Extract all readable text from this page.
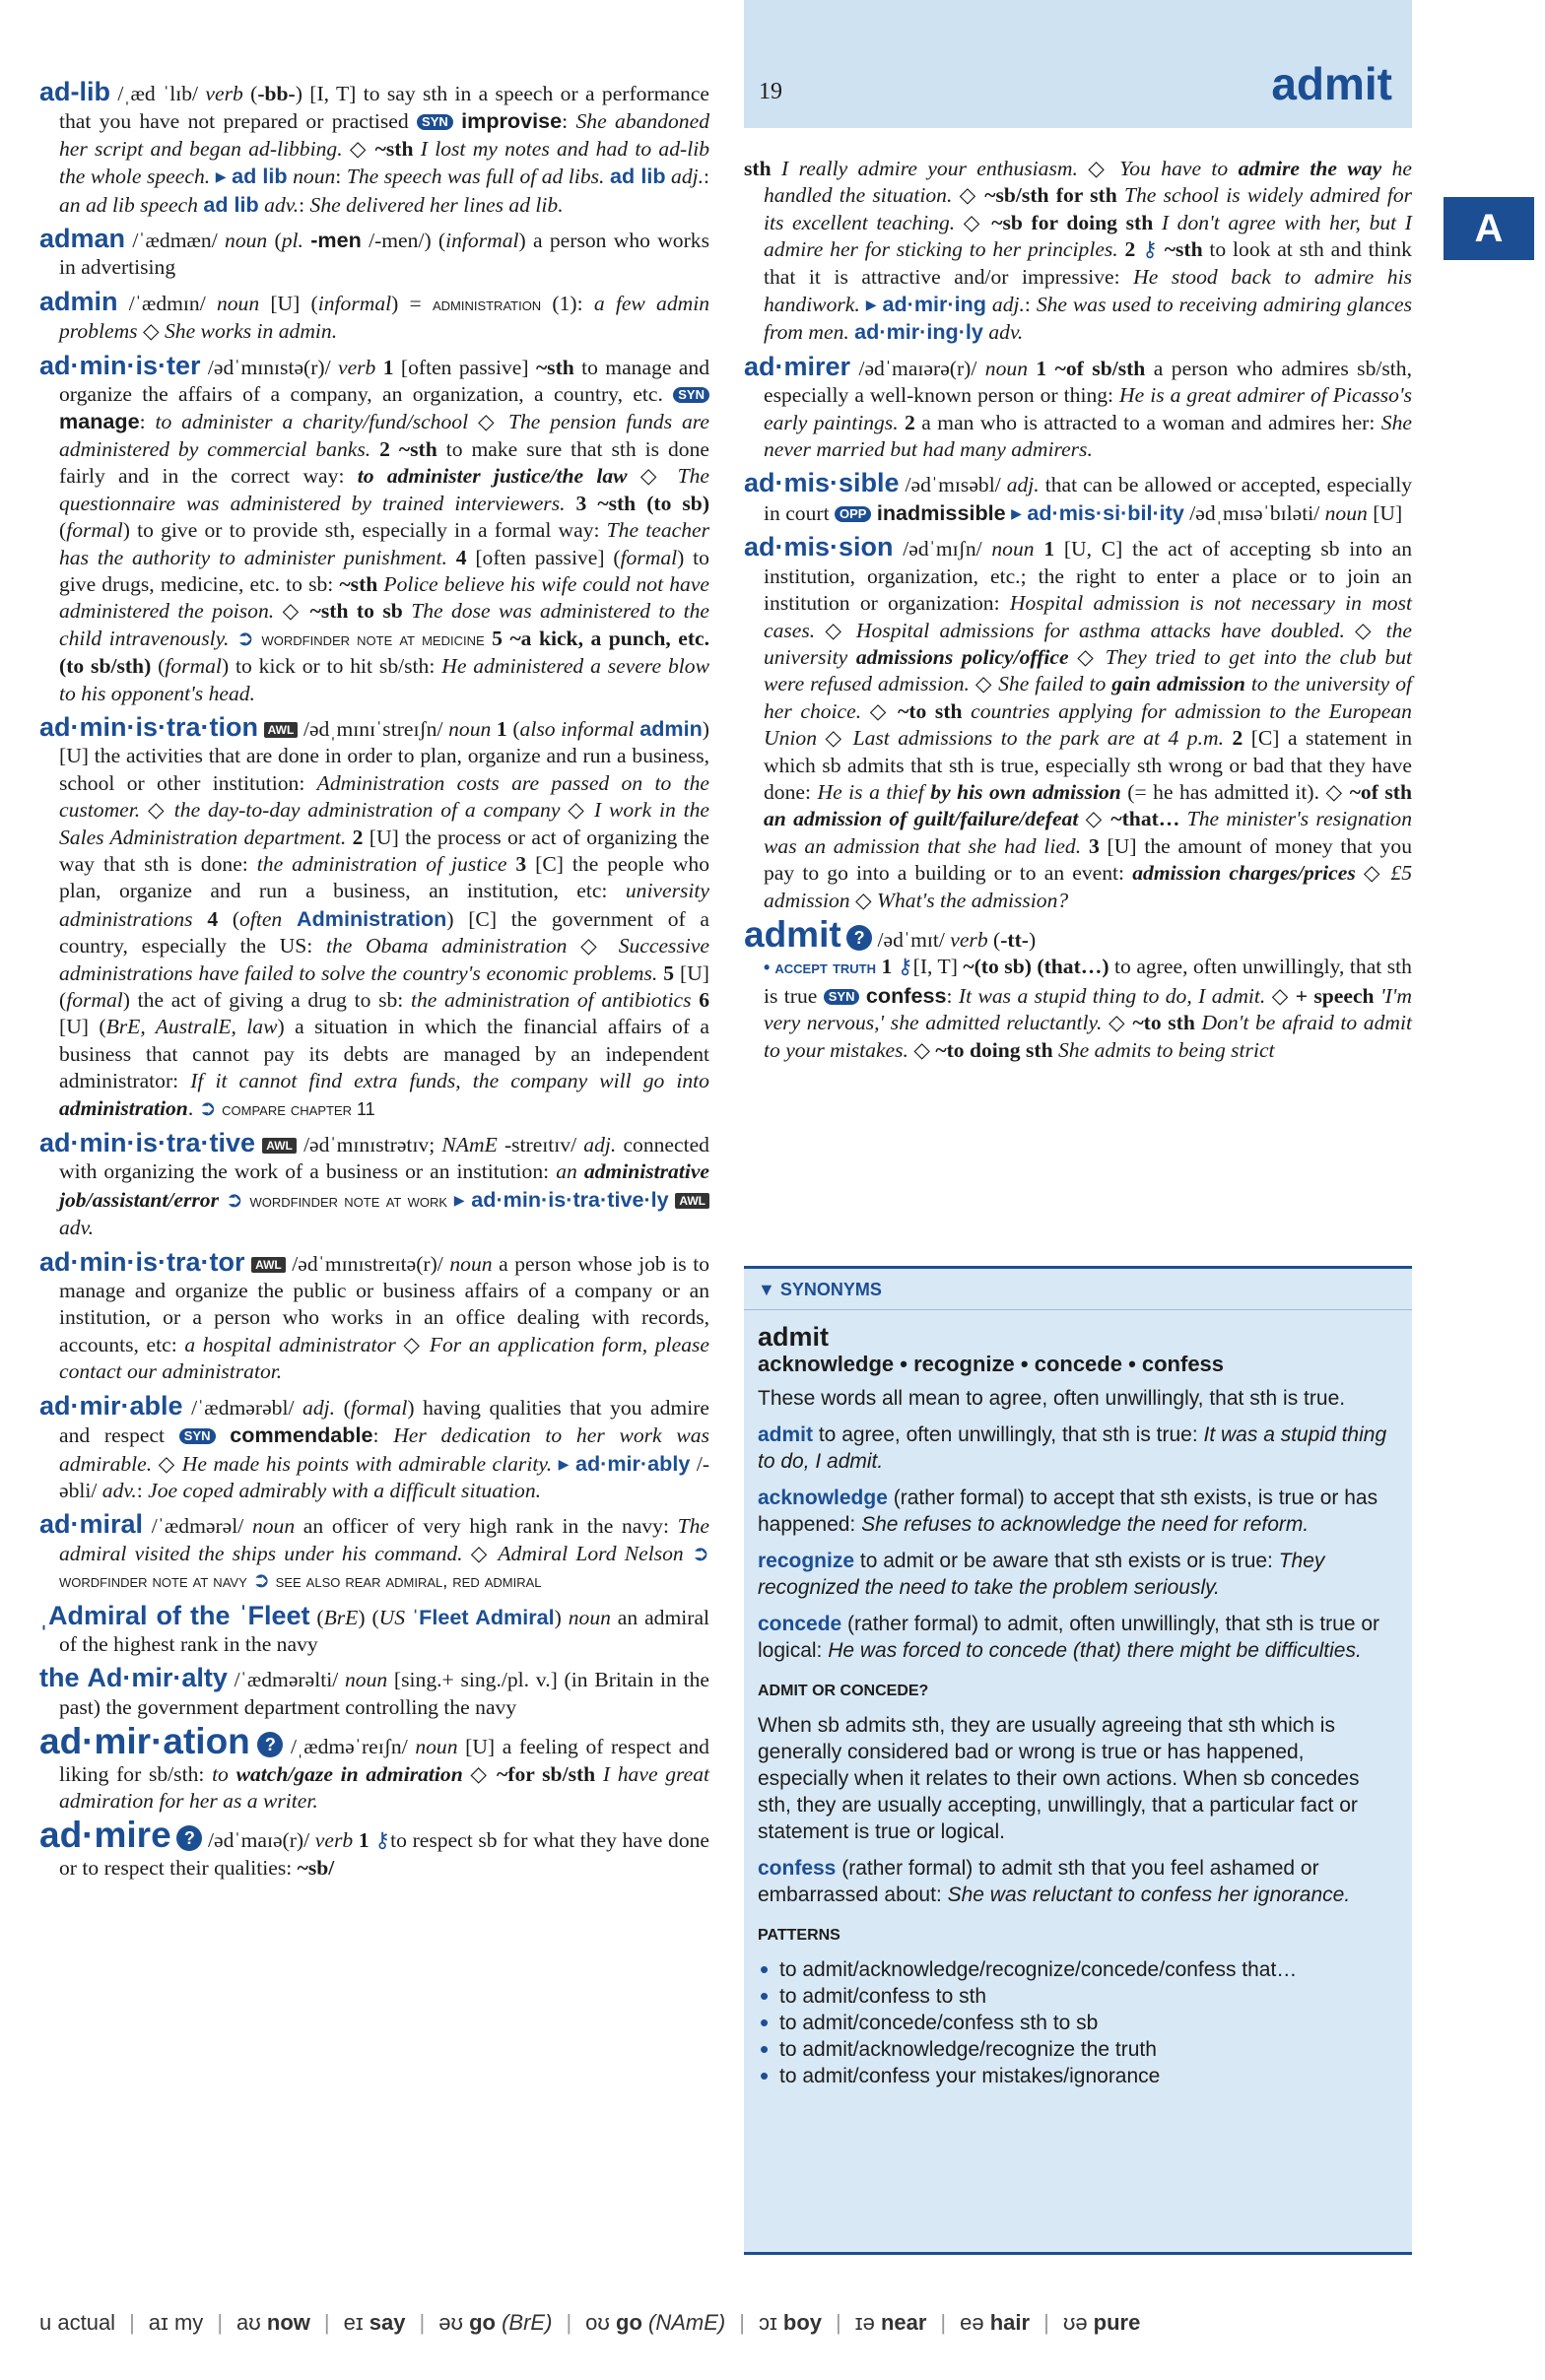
19	admit
A

ad-lib /ˌæd ˈlɪb/ verb (-bb-) [I, T] to say sth in a speech or a performance that you have not prepared or practised SYN improvise: She abandoned her script and began ad-libbing. ◇ ~sth I lost my notes and had to ad-lib the whole speech. ▸ ad lib noun: The speech was full of ad libs. ad lib adj.: an ad lib speech ad lib adv.: She delivered her lines ad lib.

adman /ˈædmæn/ noun (pl. -men /-men/) (informal) a person who works in advertising

admin /ˈædmɪn/ noun [U] (informal) = administration (1): a few admin problems ◇ She works in admin.

ad·min·is·ter /ədˈmɪnɪstə(r)/ verb 1 [often passive] ~sth to manage and organize the affairs of a company, an organization, a country, etc. SYN manage: to administer a charity/fund/school ◇ The pension funds are administered by commercial banks. 2 ~sth to make sure that sth is done fairly and in the correct way: to administer justice/the law ◇ The questionnaire was administered by trained interviewers. 3 ~sth (to sb) (formal) to give or to provide sth, especially in a formal way: The teacher has the authority to administer punishment. 4 [often passive] (formal) to give drugs, medicine, etc. to sb: ~sth Police believe his wife could not have administered the poison. ◇ ~sth to sb The dose was administered to the child intravenously. ➲ wordfinder note at medicine 5 ~a kick, a punch, etc. (to sb/sth) (formal) to kick or to hit sb/sth: He administered a severe blow to his opponent's head.

ad·min·is·tra·tion AWL /ədˌmɪnɪˈstreɪʃn/ noun 1 (also informal admin) [U] the activities that are done in order to plan, organize and run a business, school or other institution: Administration costs are passed on to the customer. ◇ the day-to-day administration of a company ◇ I work in the Sales Administration department. 2 [U] the process or act of organizing the way that sth is done: the administration of justice 3 [C] the people who plan, organize and run a business, an institution, etc: university administrations 4 (often Administration) [C] the government of a country, especially the US: the Obama administration ◇ Successive administrations have failed to solve the country's economic problems. 5 [U] (formal) the act of giving a drug to sb: the administration of antibiotics 6 [U] (BrE, AustralE, law) a situation in which the financial affairs of a business that cannot pay its debts are managed by an independent administrator: If it cannot find extra funds, the company will go into administration. ➲ compare chapter 11

ad·min·is·tra·tive AWL /ədˈmɪnɪstrətɪv; NAmE -streɪtɪv/ adj. connected with organizing the work of a business or an institution: an administrative job/assistant/error ➲ wordfinder note at work ▸ ad·min·is·tra·tive·ly AWL adv.

ad·min·is·tra·tor AWL /ədˈmɪnɪstreɪtə(r)/ noun a person whose job is to manage and organize the public or business affairs of a company or an institution, or a person who works in an office dealing with records, accounts, etc: a hospital administrator ◇ For an application form, please contact our administrator.

ad·mir·able /ˈædmərəbl/ adj. (formal) having qualities that you admire and respect SYN commendable: Her dedication to her work was admirable. ◇ He made his points with admirable clarity. ▸ ad·mir·ably /-əbli/ adv.: Joe coped admirably with a difficult situation.

ad·miral /ˈædmərəl/ noun an officer of very high rank in the navy: The admiral visited the ships under his command. ◇ Admiral Lord Nelson ➲ wordfinder note at navy ➲ see also rear admiral, red admiral

ˌAdmiral of the ˈFleet (BrE) (US ˈFleet Admiral) noun an admiral of the highest rank in the navy

the Ad·mir·alty /ˈædmərəlti/ noun [sing.+ sing./pl. v.] (in Britain in the past) the government department controlling the navy

ad·mir·ation ? /ˌædməˈreɪʃn/ noun [U] a feeling of respect and liking for sb/sth: to watch/gaze in admiration ◇ ~for sb/sth I have great admiration for her as a writer.

ad·mire ? /ədˈmaɪə(r)/ verb 1 ⚷to respect sb for what they have done or to respect their qualities: ~sb/

sth I really admire your enthusiasm. ◇ You have to admire the way he handled the situation. ◇ ~sb/sth for sth The school is widely admired for its excellent teaching. ◇ ~sb for doing sth I don't agree with her, but I admire her for sticking to her principles. 2 ⚷ ~sth to look at sth and think that it is attractive and/or impressive: He stood back to admire his handiwork. ▸ ad·mir·ing adj.: She was used to receiving admiring glances from men. ad·mir·ing·ly adv.

ad·mirer /ədˈmaɪərə(r)/ noun 1 ~of sb/sth a person who admires sb/sth, especially a well-known person or thing: He is a great admirer of Picasso's early paintings. 2 a man who is attracted to a woman and admires her: She never married but had many admirers.

ad·mis·sible /ədˈmɪsəbl/ adj. that can be allowed or accepted, especially in court OPP inadmissible ▸ ad·mis·si·bil·ity /ədˌmɪsəˈbɪləti/ noun [U]

ad·mis·sion /ədˈmɪʃn/ noun 1 [U, C] the act of accepting sb into an institution, organization, etc.; the right to enter a place or to join an institution or organization: Hospital admission is not necessary in most cases. ◇ Hospital admissions for asthma attacks have doubled. ◇ the university admissions policy/office ◇ They tried to get into the club but were refused admission. ◇ She failed to gain admission to the university of her choice. ◇ ~to sth countries applying for admission to the European Union ◇ Last admissions to the park are at 4 p.m. 2 [C] a statement in which sb admits that sth is true, especially sth wrong or bad that they have done: He is a thief by his own admission (= he has admitted it). ◇ ~of sth an admission of guilt/failure/defeat ◇ ~that… The minister's resignation was an admission that she had lied. 3 [U] the amount of money that you pay to go into a building or to an event: admission charges/prices ◇ £5 admission ◇ What's the admission?

admit ? /ədˈmɪt/ verb (-tt-)
• accept truth 1 ⚷[I, T] ~(to sb) (that…) to agree, often unwillingly, that sth is true SYN confess: It was a stupid thing to do, I admit. ◇ + speech 'I'm very nervous,' she admitted reluctantly. ◇ ~to sth Don't be afraid to admit to your mistakes. ◇ ~to doing sth She admits to being strict

▼ SYNONYMS
admit
acknowledge • recognize • concede • confess

These words all mean to agree, often unwillingly, that sth is true.

admit to agree, often unwillingly, that sth is true: It was a stupid thing to do, I admit.

acknowledge (rather formal) to accept that sth exists, is true or has happened: She refuses to acknowledge the need for reform.

recognize to admit or be aware that sth exists or is true: They recognized the need to take the problem seriously.

concede (rather formal) to admit, often unwillingly, that sth is true or logical: He was forced to concede (that) there might be difficulties.

ADMIT OR CONCEDE?

When sb admits sth, they are usually agreeing that sth which is generally considered bad or wrong is true or has happened, especially when it relates to their own actions. When sb concedes sth, they are usually accepting, unwillingly, that a particular fact or statement is true or logical.

confess (rather formal) to admit sth that you feel ashamed or embarrassed about: She was reluctant to confess her ignorance.

PATTERNS
• to admit/acknowledge/recognize/concede/confess that…
• to admit/confess to sth
• to admit/concede/confess sth to sb
• to admit/acknowledge/recognize the truth
• to admit/confess your mistakes/ignorance
u actual | aɪ my | aʊ now | eɪ say | əʊ go (BrE) | oʊ go (NAmE) | ɔɪ boy | ɪə near | eə hair | ʊə pure
